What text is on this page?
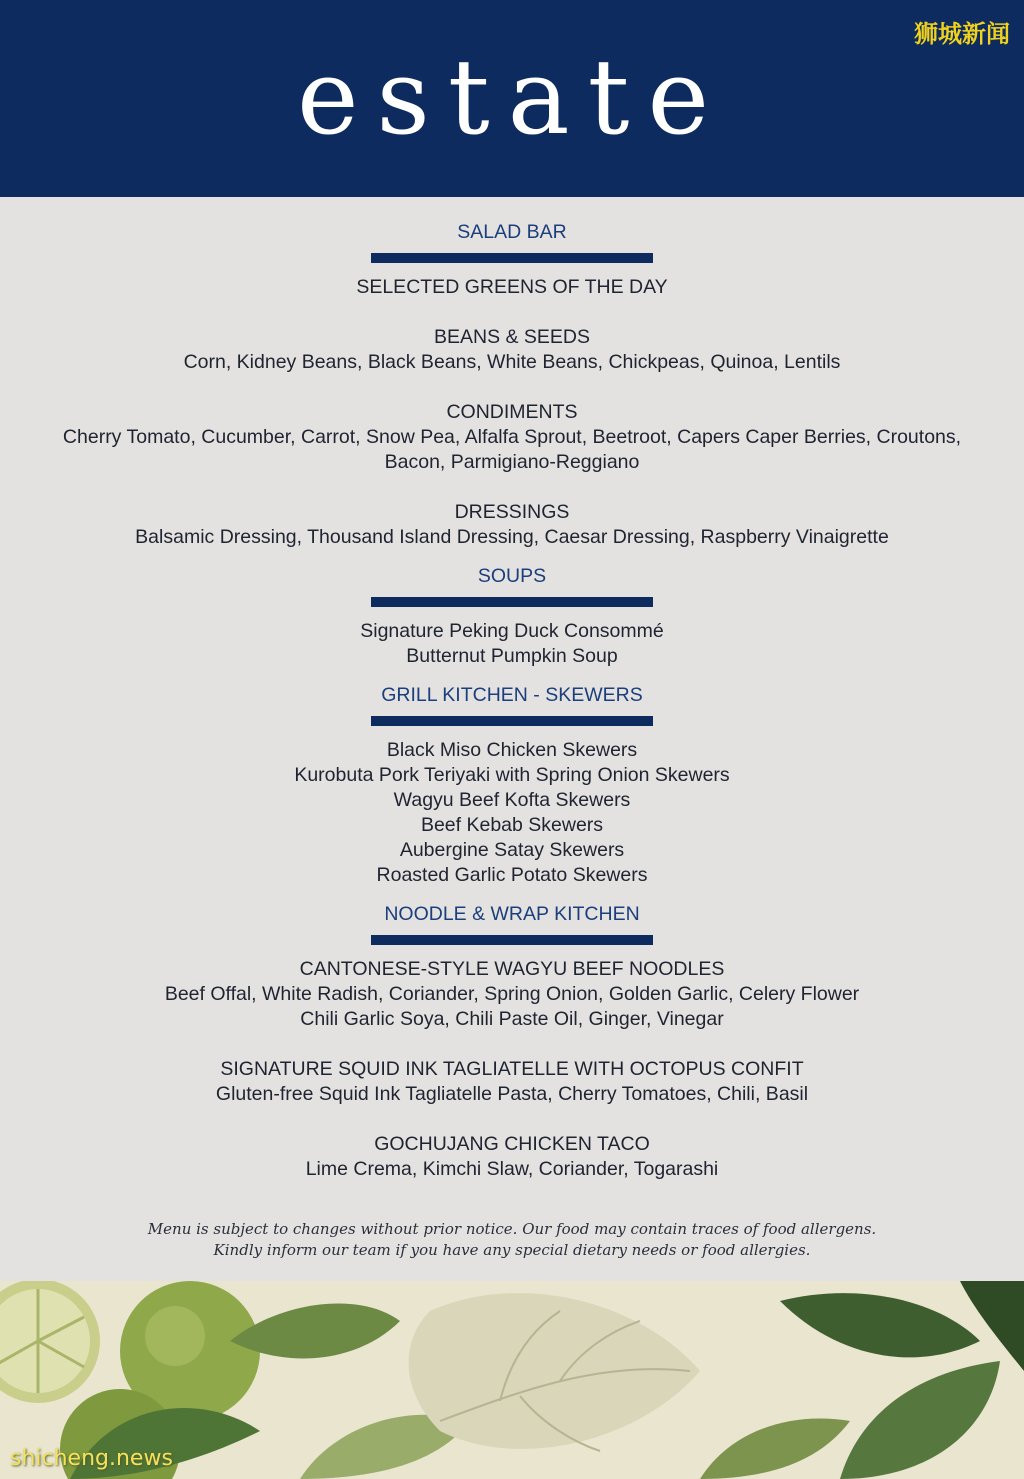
estate
狮城新闻

SALAD BAR

SELECTED GREENS OF THE DAY

BEANS & SEEDS

Corn, Kidney Beans, Black Beans, White Beans, Chickpeas, Quinoa, Lentils

CONDIMENTS

Cherry Tomato, Cucumber, Carrot, Snow Pea, Alfalfa Sprout, Beetroot, Capers Caper Berries, Croutons,

Bacon, Parmigiano-Reggiano

DRESSINGS

Balsamic Dressing, Thousand Island Dressing, Caesar Dressing, Raspberry Vinaigrette

SOUPS

Signature Peking Duck Consommé

Butternut Pumpkin Soup

GRILL KITCHEN - SKEWERS

Black Miso Chicken Skewers

Kurobuta Pork Teriyaki with Spring Onion Skewers

Wagyu Beef Kofta Skewers

Beef Kebab Skewers

Aubergine Satay Skewers

Roasted Garlic Potato Skewers

NOODLE & WRAP KITCHEN

CANTONESE-STYLE WAGYU BEEF NOODLES

Beef Offal, White Radish, Coriander, Spring Onion, Golden Garlic, Celery Flower

Chili Garlic Soya, Chili Paste Oil, Ginger, Vinegar

SIGNATURE SQUID INK TAGLIATELLE WITH OCTOPUS CONFIT

Gluten-free Squid Ink Tagliatelle Pasta, Cherry Tomatoes, Chili, Basil

GOCHUJANG CHICKEN TACO

Lime Crema, Kimchi Slaw, Coriander, Togarashi

Menu is subject to changes without prior notice. Our food may contain traces of food allergens.
Kindly inform our team if you have any special dietary needs or food allergies.
shicheng.news
